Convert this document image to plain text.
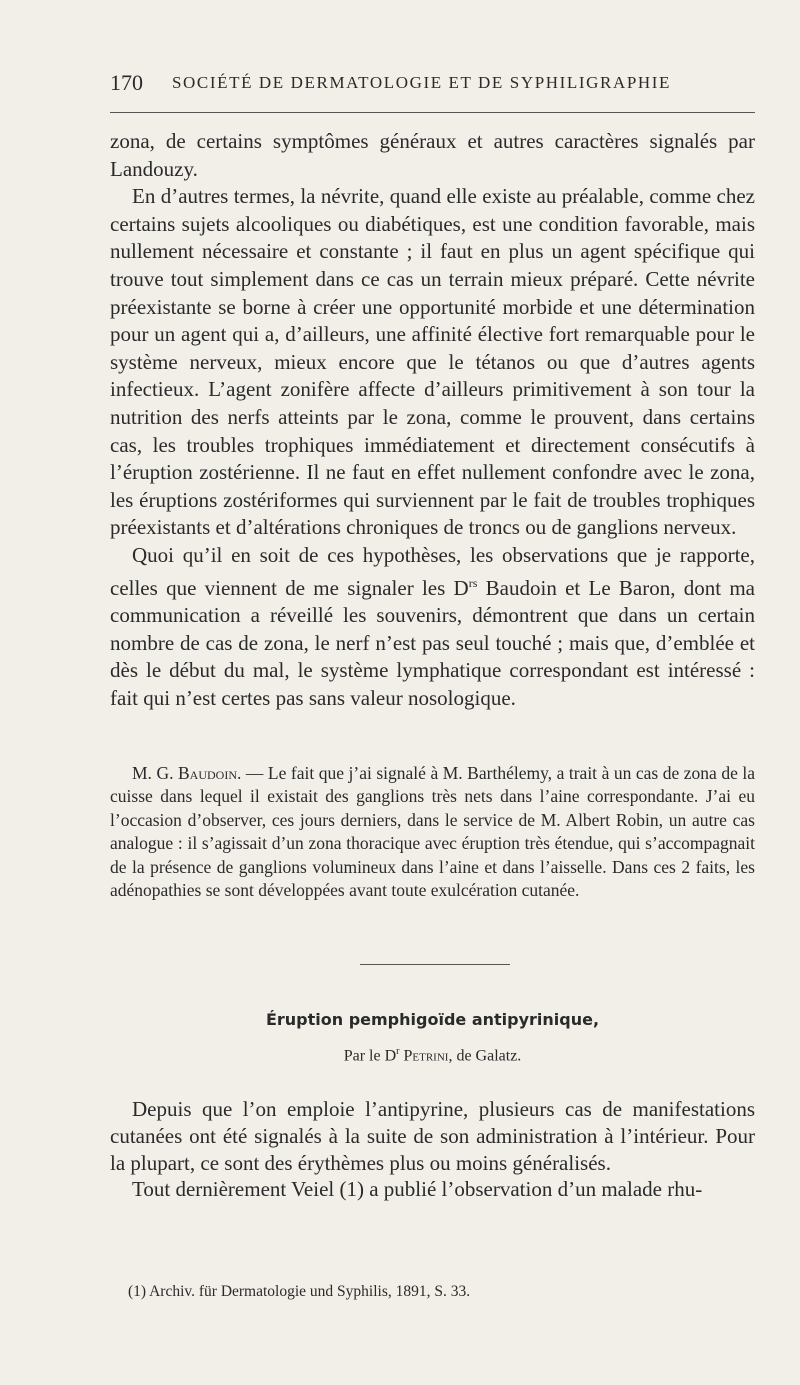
170 SOCIÉTÉ DE DERMATOLOGIE ET DE SYPHILIGRAPHIE

zona, de certains symptômes généraux et autres caractères signalés par Landouzy.

En d’autres termes, la névrite, quand elle existe au préalable, comme chez certains sujets alcooliques ou diabétiques, est une condition favorable, mais nullement nécessaire et constante ; il faut en plus un agent spécifique qui trouve tout simplement dans ce cas un terrain mieux préparé. Cette névrite préexistante se borne à créer une opportunité morbide et une détermination pour un agent qui a, d’ailleurs, une affinité élective fort remarquable pour le système nerveux, mieux encore que le tétanos ou que d’autres agents infectieux. L’agent zonifère affecte d’ailleurs primitivement à son tour la nutrition des nerfs atteints par le zona, comme le prouvent, dans certains cas, les troubles trophiques immédiatement et directement consécutifs à l’éruption zostérienne. Il ne faut en effet nullement confondre avec le zona, les éruptions zostériformes qui surviennent par le fait de troubles trophiques préexistants et d’altérations chroniques de troncs ou de ganglions nerveux.

Quoi qu’il en soit de ces hypothèses, les observations que je rapporte, celles que viennent de me signaler les $D^{rs}$ Baudoin et Le Baron, dont ma communication a réveillé les souvenirs, démontrent que dans un certain nombre de cas de zona, le nerf n’est pas seul touché ; mais que, d’emblée et dès le début du mal, le système lymphatique correspondant est intéressé : fait qui n’est certes pas sans valeur nosologique.

M. G. Baudoin. — Le fait que j’ai signalé à M. Barthélemy, a trait à un cas de zona de la cuisse dans lequel il existait des ganglions très nets dans l’aine correspondante. J’ai eu l’occasion d’observer, ces jours derniers, dans le service de M. Albert Robin, un autre cas analogue : il s’agissait d’un zona thoracique avec éruption très étendue, qui s’accompagnait de la présence de ganglions volumineux dans l’aine et dans l’aisselle. Dans ces 2 faits, les adénopathies se sont développées avant toute exulcération cutanée.

Éruption pemphigoïde antipyrinique,
Par le $D^r$ Petrini, de Galatz.

Depuis que l’on emploie l’antipyrine, plusieurs cas de manifestations cutanées ont été signalés à la suite de son administration à l’intérieur. Pour la plupart, ce sont des érythèmes plus ou moins généralisés.

Tout dernièrement Veiel (1) a publié l’observation d’un malade rhu-

(1) Archiv. für Dermatologie und Syphilis, 1891, S. 33.
